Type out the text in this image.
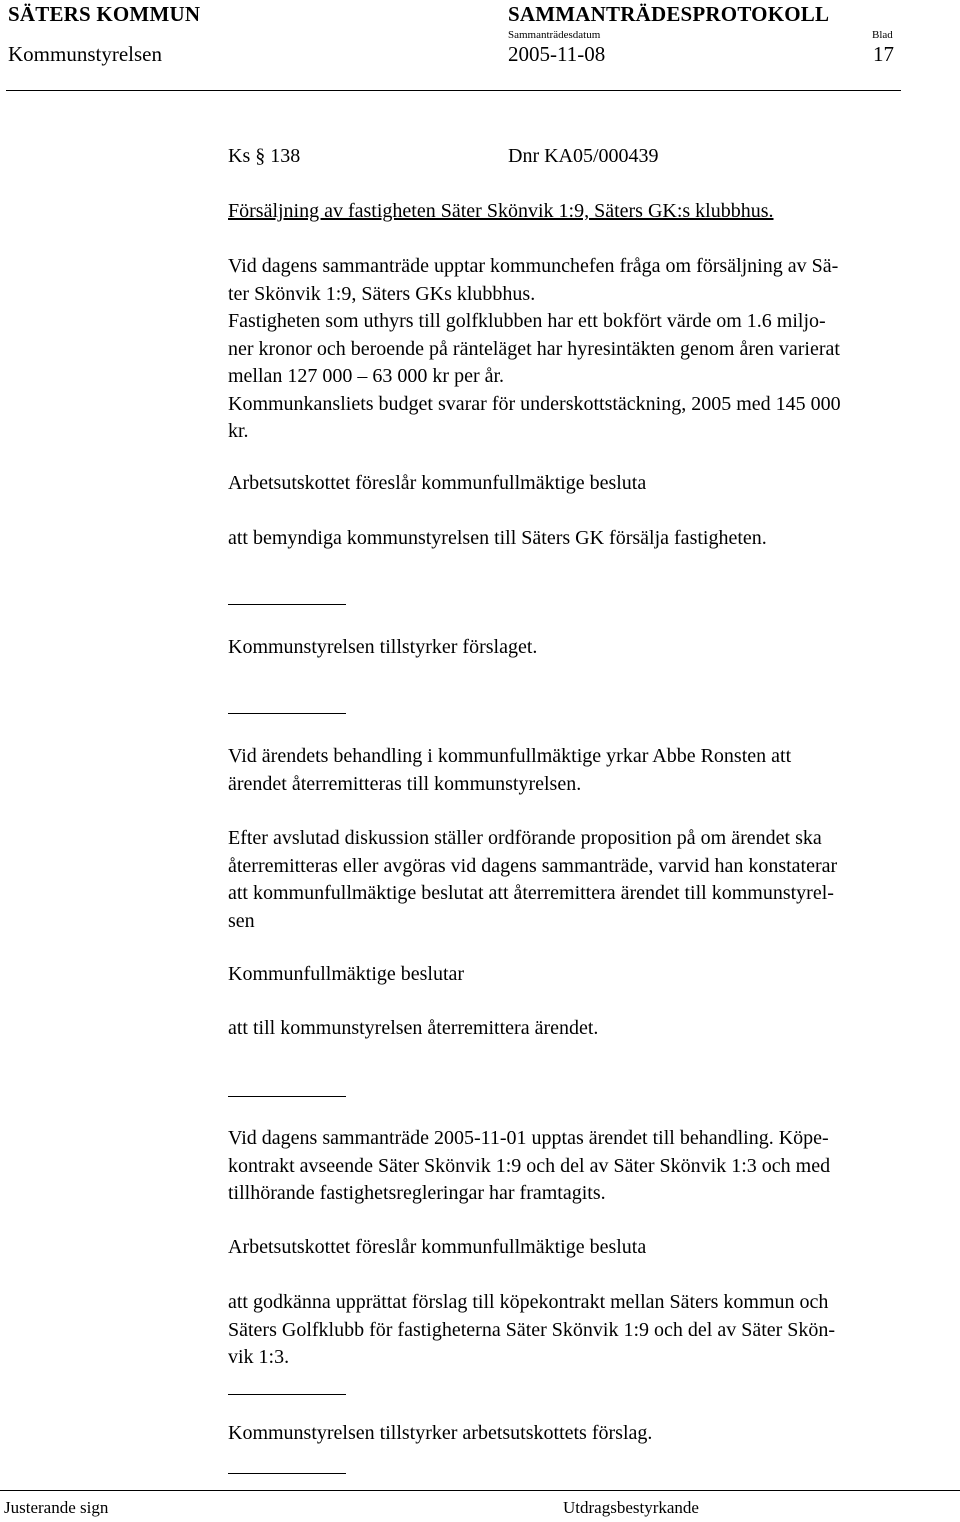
SÄTERS KOMMUN	SAMMANTRÄDESPROTOKOLL
Sammanträdesdatum	Blad
Kommunstyrelsen	2005-11-08	17
Ks § 138	Dnr KA05/000439
Försäljning av fastigheten Säter Skönvik 1:9, Säters GK:s klubbhus.
Vid dagens sammanträde upptar kommunchefen fråga om försäljning av Sä-
ter Skönvik 1:9, Säters GKs klubbhus.
Fastigheten som uthyrs till golfklubben har ett bokfört värde om 1.6 miljo-
ner kronor och beroende på ränteläget har hyresintäkten genom åren varierat
mellan 127 000 – 63 000 kr per år.
Kommunkansliets budget svarar för underskottstäckning, 2005 med 145 000
kr.
Arbetsutskottet föreslår kommunfullmäktige besluta
att bemyndiga kommunstyrelsen till Säters GK försälja fastigheten.
Kommunstyrelsen tillstyrker förslaget.
Vid ärendets behandling i kommunfullmäktige yrkar Abbe Ronsten att
ärendet återremitteras till kommunstyrelsen.
Efter avslutad diskussion ställer ordförande proposition på om ärendet ska
återremitteras eller avgöras vid dagens sammanträde, varvid han konstaterar
att kommunfullmäktige beslutat att återremittera ärendet till kommunstyrel-
sen
Kommunfullmäktige beslutar
att till kommunstyrelsen återremittera ärendet.
Vid dagens sammanträde 2005-11-01 upptas ärendet till behandling. Köpe-
kontrakt avseende Säter Skönvik 1:9 och del av Säter Skönvik 1:3 och med
tillhörande fastighetsregleringar har framtagits.
Arbetsutskottet föreslår kommunfullmäktige besluta
att godkänna upprättat förslag till köpekontrakt mellan Säters kommun och
Säters Golfklubb för fastigheterna Säter Skönvik 1:9 och del av Säter Skön-
vik 1:3.
Kommunstyrelsen tillstyrker arbetsutskottets förslag.
Justerande sign	Utdragsbestyrkande
